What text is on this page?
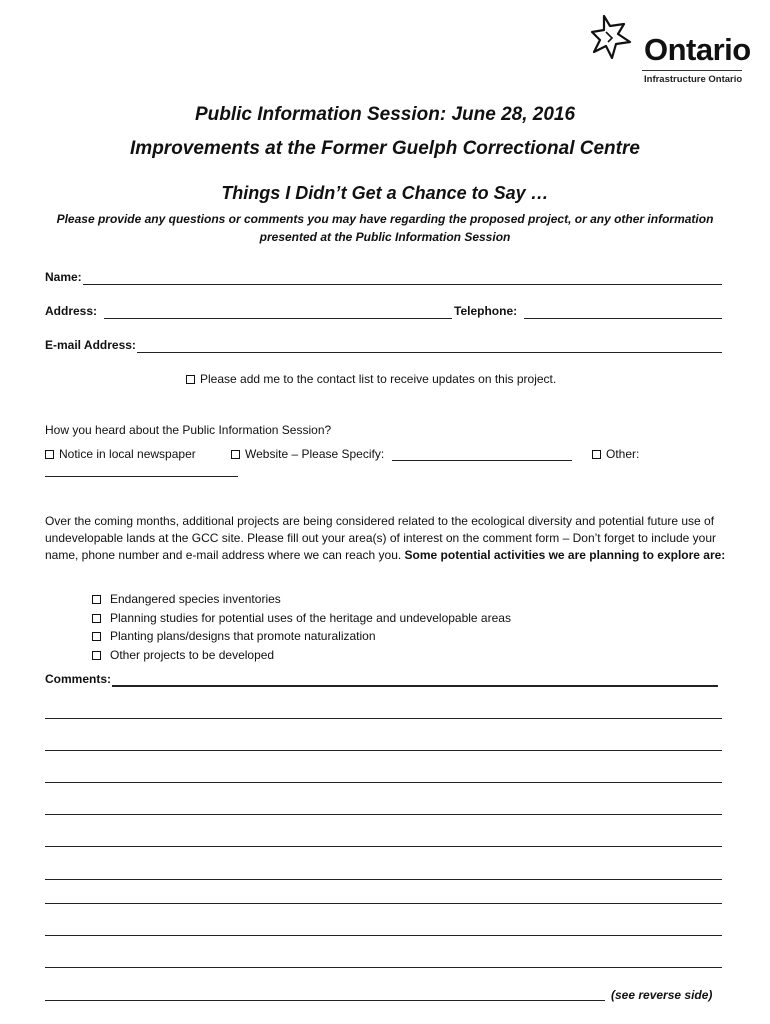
Ontario
Infrastructure Ontario
Public Information Session: June 28, 2016
Improvements at the Former Guelph Correctional Centre
Things I Didn’t Get a Chance to Say …
Please provide any questions or comments you may have regarding the proposed project, or any other information presented at the Public Information Session
Name:
Address:	Telephone:
E-mail Address:
Please add me to the contact list to receive updates on this project.
How you heard about the Public Information Session?
Notice in local newspaper	Website – Please Specify:	Other:
Over the coming months, additional projects are being considered related to the ecological diversity and potential future use of undevelopable lands at the GCC site. Please fill out your area(s) of interest on the comment form – Don’t forget to include your name, phone number and e-mail address where we can reach you. Some potential activities we are planning to explore are:
Endangered species inventories
Planning studies for potential uses of the heritage and undevelopable areas
Planting plans/designs that promote naturalization
Other projects to be developed
Comments:
(see reverse side)
